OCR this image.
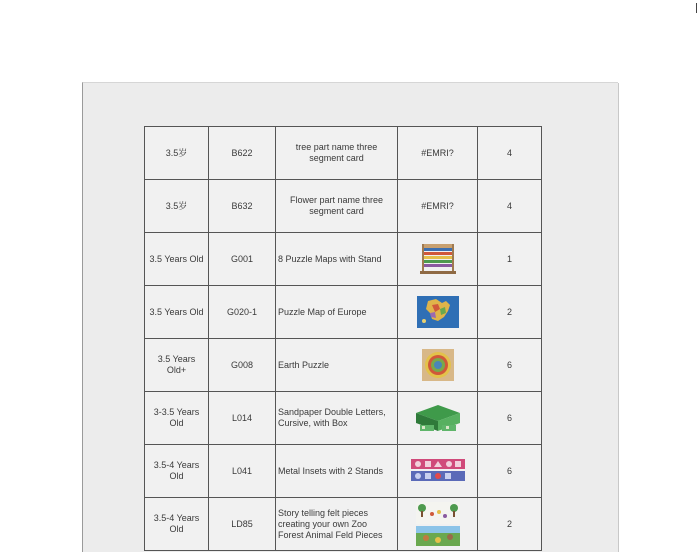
3.5岁	B622	tree part name three segment card	#EMRI?	4
3.5岁	B632	Flower part name three segment card	#EMRI?	4
3.5 Years Old	G001	8 Puzzle Maps with Stand		1
3.5 Years Old	G020-1	Puzzle Map of Europe		2
3.5 Years Old+	G008	Earth Puzzle		6
3-3.5 Years Old	L014	Sandpaper Double Letters, Cursive, with Box		6
3.5-4 Years Old	L041	Metal Insets with 2 Stands		6
3.5-4 Years Old	LD85	Story telling felt pieces creating your own Zoo Forest Animal Feld Pieces		2
